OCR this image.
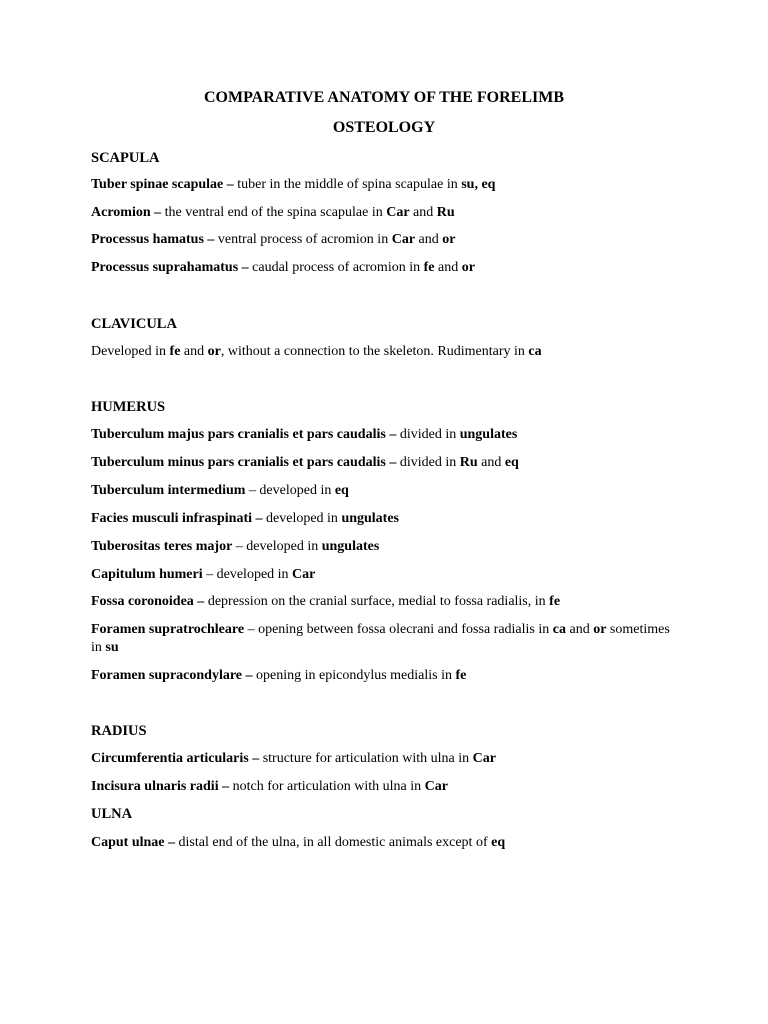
COMPARATIVE ANATOMY OF THE FORELIMB
OSTEOLOGY
SCAPULA

Tuber spinae scapulae – tuber in the middle of spina scapulae in su, eq

Acromion – the ventral end of the spina scapulae in Car and Ru

Processus hamatus – ventral process of acromion in Car and or

Processus suprahamatus – caudal process of acromion in fe and or

CLAVICULA

Developed in fe and or, without a connection to the skeleton. Rudimentary in ca

HUMERUS

Tuberculum majus pars cranialis et pars caudalis – divided in ungulates

Tuberculum minus pars cranialis et pars caudalis – divided in Ru and eq

Tuberculum intermedium – developed in eq

Facies musculi infraspinati – developed in ungulates

Tuberositas teres major – developed in ungulates

Capitulum humeri – developed in Car

Fossa coronoidea – depression on the cranial surface, medial to fossa radialis, in fe

Foramen supratrochleare – opening between fossa olecrani and fossa radialis in ca and or sometimes in su

Foramen supracondylare – opening in epicondylus medialis in fe

RADIUS

Circumferentia articularis – structure for articulation with ulna in Car

Incisura ulnaris radii – notch for articulation with ulna in Car

ULNA

Caput ulnae – distal end of the ulna, in all domestic animals except of eq
